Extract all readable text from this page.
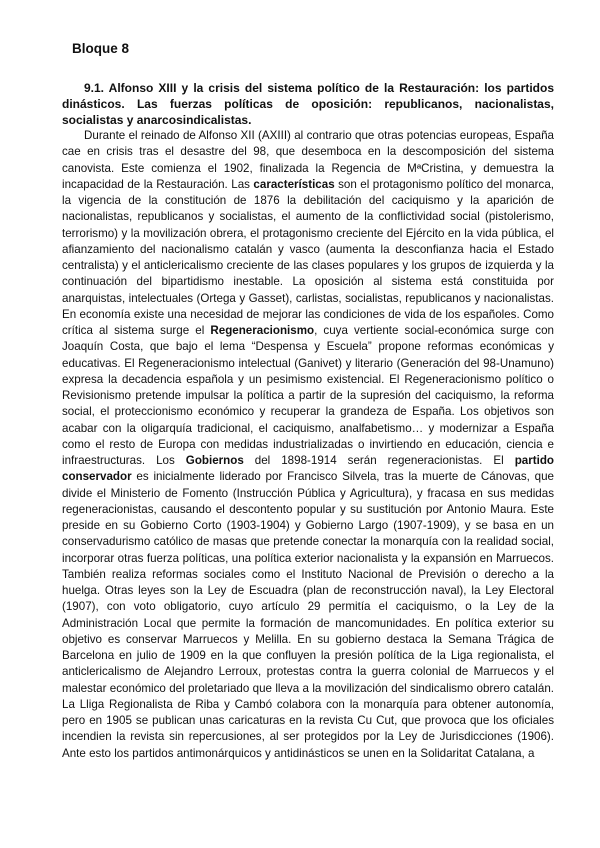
Bloque 8

9.1. Alfonso XIII y la crisis del sistema político de la Restauración: los partidos dinásticos. Las fuerzas políticas de oposición: republicanos, nacionalistas, socialistas y anarcosindicalistas.

Durante el reinado de Alfonso XII (AXIII) al contrario que otras potencias europeas, España cae en crisis tras el desastre del 98, que desemboca en la descomposición del sistema canovista. Este comienza el 1902, finalizada la Regencia de MªCristina, y demuestra la incapacidad de la Restauración. Las características son el protagonismo político del monarca, la vigencia de la constitución de 1876 la debilitación del caciquismo y la aparición de nacionalistas, republicanos y socialistas, el aumento de la conflictividad social (pistolerismo, terrorismo) y la movilización obrera, el protagonismo creciente del Ejército en la vida pública, el afianzamiento del nacionalismo catalán y vasco (aumenta la desconfianza hacia el Estado centralista) y el anticlericalismo creciente de las clases populares y los grupos de izquierda y la continuación del bipartidismo inestable. La oposición al sistema está constituida por anarquistas, intelectuales (Ortega y Gasset), carlistas, socialistas, republicanos y nacionalistas. En economía existe una necesidad de mejorar las condiciones de vida de los españoles. Como crítica al sistema surge el Regeneracionismo, cuya vertiente social-económica surge con Joaquín Costa, que bajo el lema “Despensa y Escuela” propone reformas económicas y educativas. El Regeneracionismo intelectual (Ganivet) y literario (Generación del 98-Unamuno) expresa la decadencia española y un pesimismo existencial. El Regeneracionismo político o Revisionismo pretende impulsar la política a partir de la supresión del caciquismo, la reforma social, el proteccionismo económico y recuperar la grandeza de España. Los objetivos son acabar con la oligarquía tradicional, el caciquismo, analfabetismo… y modernizar a España como el resto de Europa con medidas industrializadas o invirtiendo en educación, ciencia e infraestructuras. Los Gobiernos del 1898-1914 serán regeneracionistas. El partido conservador es inicialmente liderado por Francisco Silvela, tras la muerte de Cánovas, que divide el Ministerio de Fomento (Instrucción Pública y Agricultura), y fracasa en sus medidas regeneracionistas, causando el descontento popular y su sustitución por Antonio Maura. Este preside en su Gobierno Corto (1903-1904) y Gobierno Largo (1907-1909), y se basa en un conservadurismo católico de masas que pretende conectar la monarquía con la realidad social, incorporar otras fuerza políticas, una política exterior nacionalista y la expansión en Marruecos. También realiza reformas sociales como el Instituto Nacional de Previsión o derecho a la huelga. Otras leyes son la Ley de Escuadra (plan de reconstrucción naval), la Ley Electoral (1907), con voto obligatorio, cuyo artículo 29 permitía el caciquismo, o la Ley de la Administración Local que permite la formación de mancomunidades. En política exterior su objetivo es conservar Marruecos y Melilla. En su gobierno destaca la Semana Trágica de Barcelona en julio de 1909 en la que confluyen la presión política de la Liga regionalista, el anticlericalismo de Alejandro Lerroux, protestas contra la guerra colonial de Marruecos y el malestar económico del proletariado que lleva a la movilización del sindicalismo obrero catalán. La Lliga Regionalista de Riba y Cambó colabora con la monarquía para obtener autonomía, pero en 1905 se publican unas caricaturas en la revista Cu Cut, que provoca que los oficiales incendien la revista sin repercusiones, al ser protegidos por la Ley de Jurisdicciones (1906). Ante esto los partidos antimonárquicos y antidinásticos se unen en la Solidaritat Catalana, a
